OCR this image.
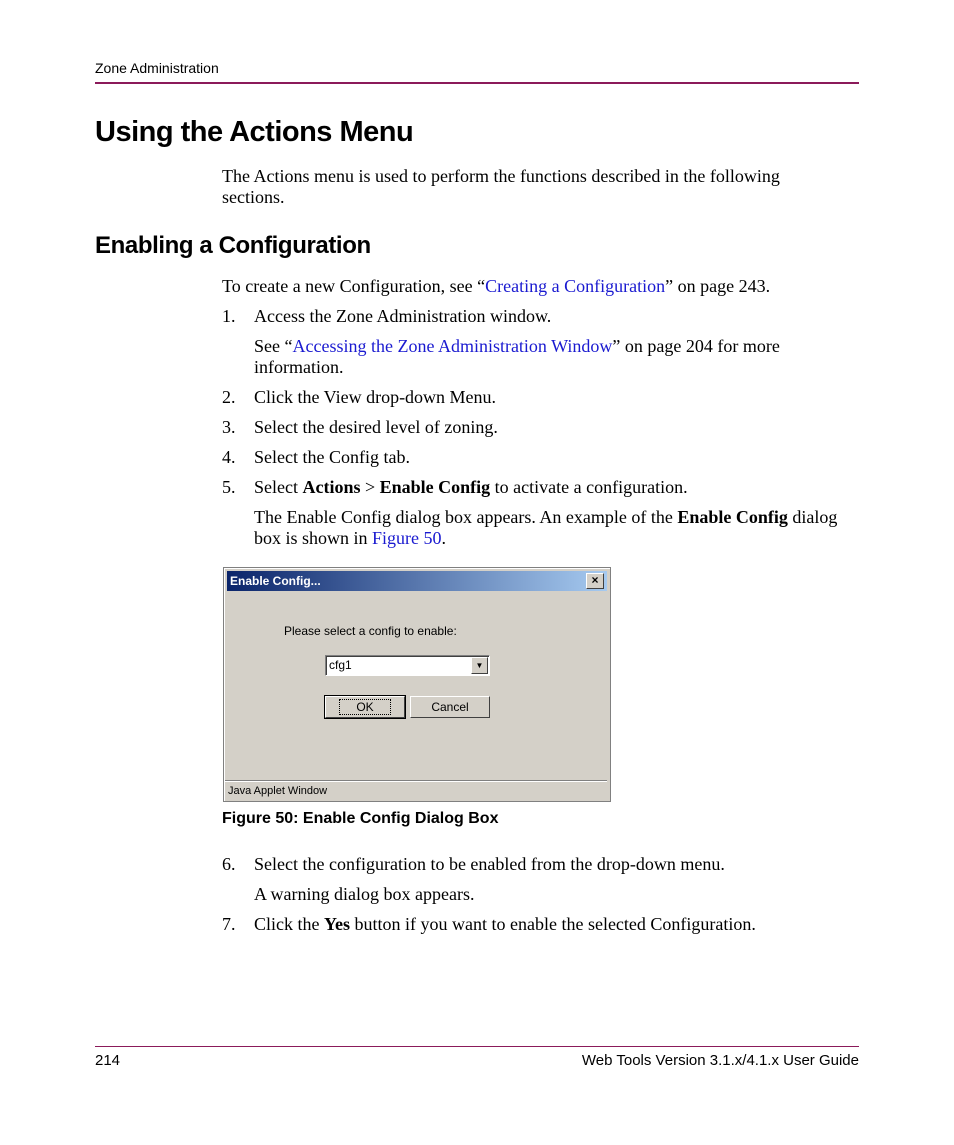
Zone Administration
Using the Actions Menu
The Actions menu is used to perform the functions described in the following sections.
Enabling a Configuration
To create a new Configuration, see “Creating a Configuration” on page 243.
1. Access the Zone Administration window.
See “Accessing the Zone Administration Window” on page 204 for more information.
2. Click the View drop-down Menu.
3. Select the desired level of zoning.
4. Select the Config tab.
5. Select Actions > Enable Config to activate a configuration.
The Enable Config dialog box appears. An example of the Enable Config dialog box is shown in Figure 50.
Enable Config...	×
Please select a config to enable:
cfg1	▼
OK	Cancel
Java Applet Window
Figure 50: Enable Config Dialog Box
6. Select the configuration to be enabled from the drop-down menu.
A warning dialog box appears.
7. Click the Yes button if you want to enable the selected Configuration.
214	Web Tools Version 3.1.x/4.1.x User Guide
